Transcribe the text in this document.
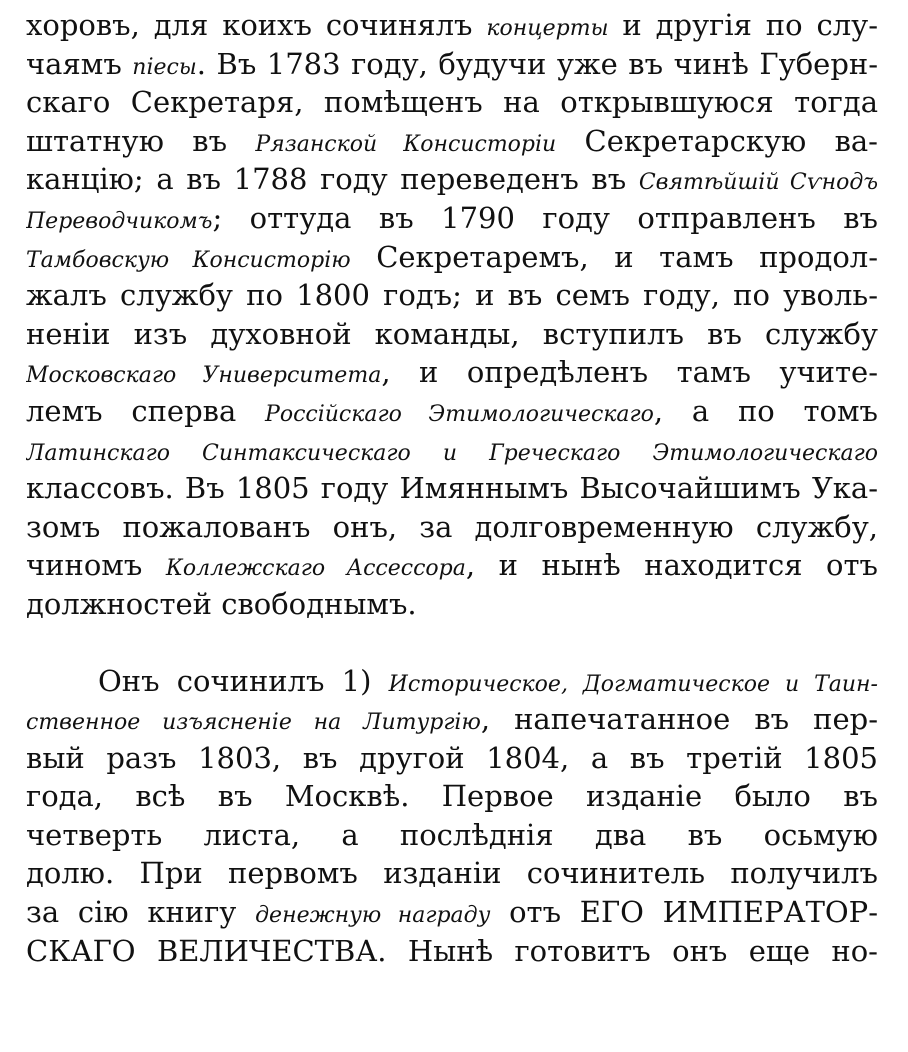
хоровъ, для коихъ сочинялъ концерты и другія по слу-
чаямъ піесы. Въ 1783 году, будучи уже въ чинѣ Губерн-
скаго Секретаря, помѣщенъ на открывшуюся тогда
штатную въ Рязанской Консисторіи Секретарскую ва-
канцію; а въ 1788 году переведенъ въ Святѣйшій Сѵнодъ
Переводчикомъ; оттуда въ 1790 году отправленъ въ
Тамбовскую Консисторію Секретаремъ, и тамъ продол-
жалъ службу по 1800 годъ; и въ семъ году, по уволь-
неніи изъ духовной команды, вступилъ въ службу
Московскаго Университета, и опредѣленъ тамъ учите-
лемъ сперва Россійскаго Этимологическаго, а по томъ
Латинскаго Синтаксическаго и Греческаго Этимологическаго
классовъ. Въ 1805 году Имяннымъ Высочайшимъ Ука-
зомъ пожалованъ онъ, за долговременную службу,
чиномъ Коллежскаго Ассессора, и нынѣ находится отъ
должностей свободнымъ.
Онъ сочинилъ 1) Историческое, Догматическое и Таин-
ственное изъясненіе на Литургію, напечатанное въ пер-
вый разъ 1803, въ другой 1804, а въ третій 1805
года, всѣ въ Москвѣ. Первое изданіе было въ
четверть листа, а послѣднія два въ осьмую
долю. При первомъ изданіи сочинитель получилъ
за сію книгу денежную награду отъ ЕГО ИМПЕРАТОР-
СКАГО ВЕЛИЧЕСТВА. Нынѣ готовитъ онъ еще но-
